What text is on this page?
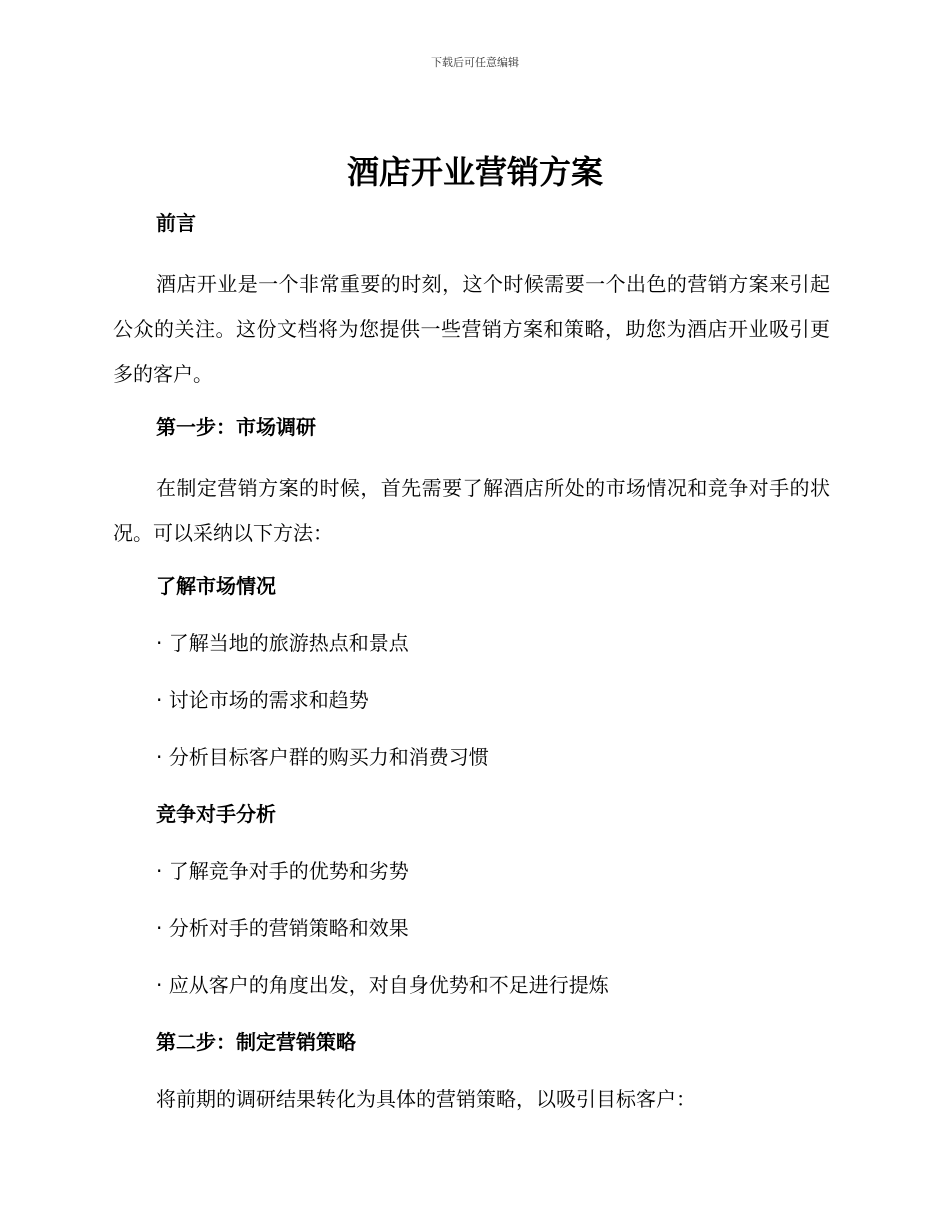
下载后可任意编辑
酒店开业营销方案
前言

酒店开业是一个非常重要的时刻，这个时候需要一个出色的营销方案来引起公众的关注。这份文档将为您提供一些营销方案和策略，助您为酒店开业吸引更多的客户。

第一步：市场调研

在制定营销方案的时候，首先需要了解酒店所处的市场情况和竞争对手的状况。可以采纳以下方法：

了解市场情况
· 了解当地的旅游热点和景点
· 讨论市场的需求和趋势
· 分析目标客户群的购买力和消费习惯
竞争对手分析
· 了解竞争对手的优势和劣势
· 分析对手的营销策略和效果
· 应从客户的角度出发，对自身优势和不足进行提炼
第二步：制定营销策略

将前期的调研结果转化为具体的营销策略，以吸引目标客户：
